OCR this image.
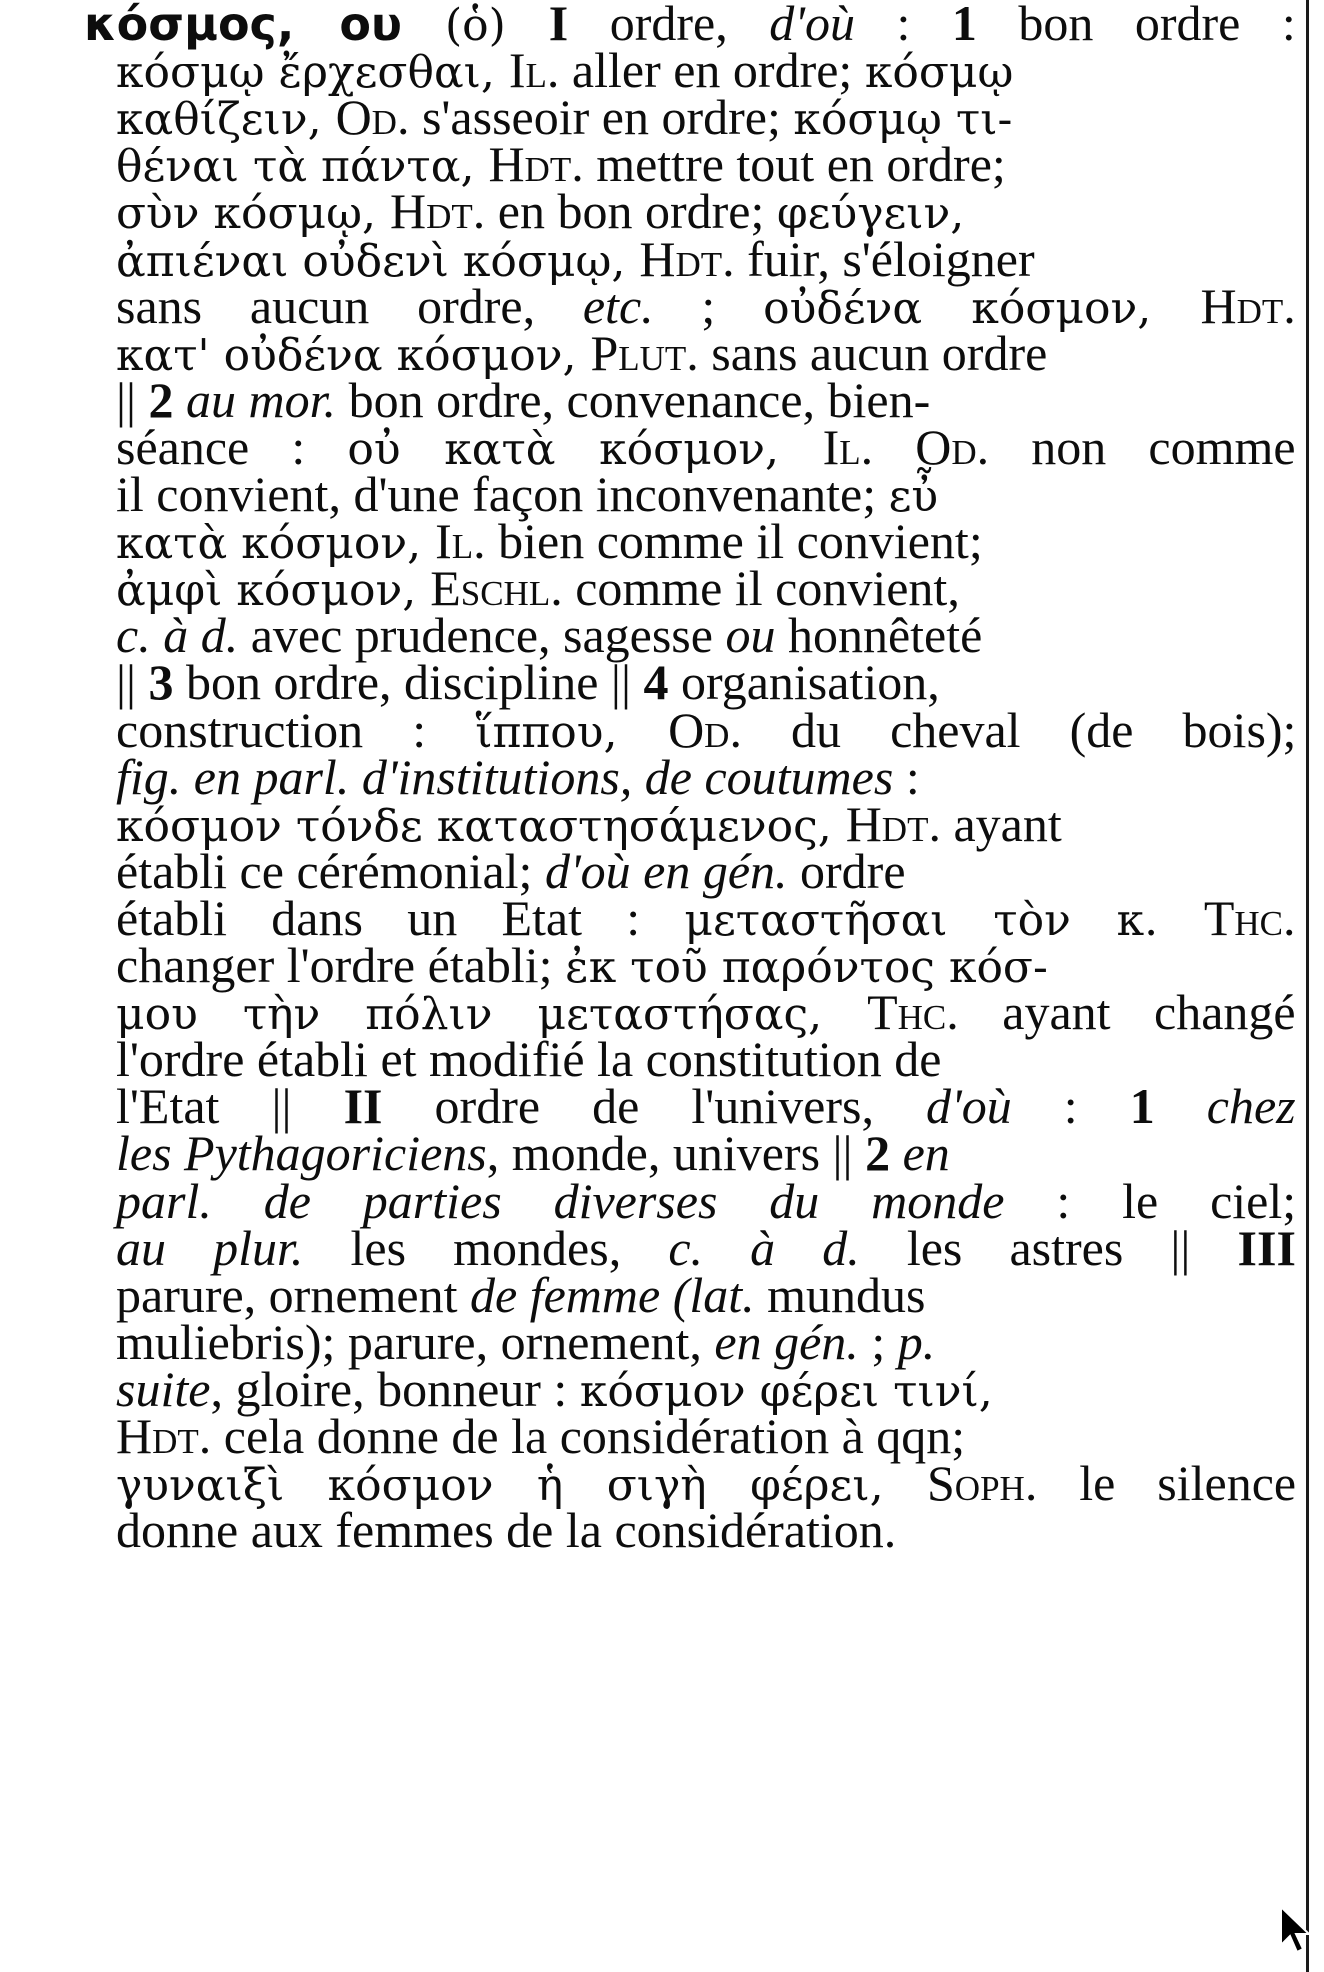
κόσμος, ου (ὁ) I ordre, d'où : 1 bon ordre :
κόσμῳ ἔρχεσθαι, Il. aller en ordre; κόσμῳ
καθίζειν, Od. s'asseoir en ordre; κόσμῳ τι-
θέναι τὰ πάντα, Hdt. mettre tout en ordre;
σὺν κόσμῳ, Hdt. en bon ordre; φεύγειν,
ἀπιέναι οὐδενὶ κόσμῳ, Hdt. fuir, s'éloigner
sans aucun ordre, etc. ; οὐδένα κόσμον, Hdt.
κατ' οὐδένα κόσμον, Plut. sans aucun ordre
|| 2 au mor. bon ordre, convenance, bien-
séance : οὐ κατὰ κόσμον, Il. Od. non comme
il convient, d'une façon inconvenante; εὖ
κατὰ κόσμον, Il. bien comme il convient;
ἀμφὶ κόσμον, Eschl. comme il convient,
c. à d. avec prudence, sagesse ou honnêteté
|| 3 bon ordre, discipline || 4 organisation,
construction : ἵππου, Od. du cheval (de bois);
fig. en parl. d'institutions, de coutumes :
κόσμον τόνδε καταστησάμενος, Hdt. ayant
établi ce cérémonial; d'où en gén. ordre
établi dans un Etat : μεταστῆσαι τὸν κ. Thc.
changer l'ordre établi; ἐκ τοῦ παρόντος κόσ-
μου τὴν πόλιν μεταστήσας, Thc. ayant changé
l'ordre établi et modifié la constitution de
l'Etat || II ordre de l'univers, d'où : 1 chez
les Pythagoriciens, monde, univers || 2 en
parl. de parties diverses du monde : le ciel;
au plur. les mondes, c. à d. les astres || III
parure, ornement de femme (lat. mundus
muliebris); parure, ornement, en gén. ; p.
suite, gloire, bonneur : κόσμον φέρει τινί,
Hdt. cela donne de la considération à qqn;
γυναιξὶ κόσμον ἡ σιγὴ φέρει, Soph. le silence
donne aux femmes de la considération.
